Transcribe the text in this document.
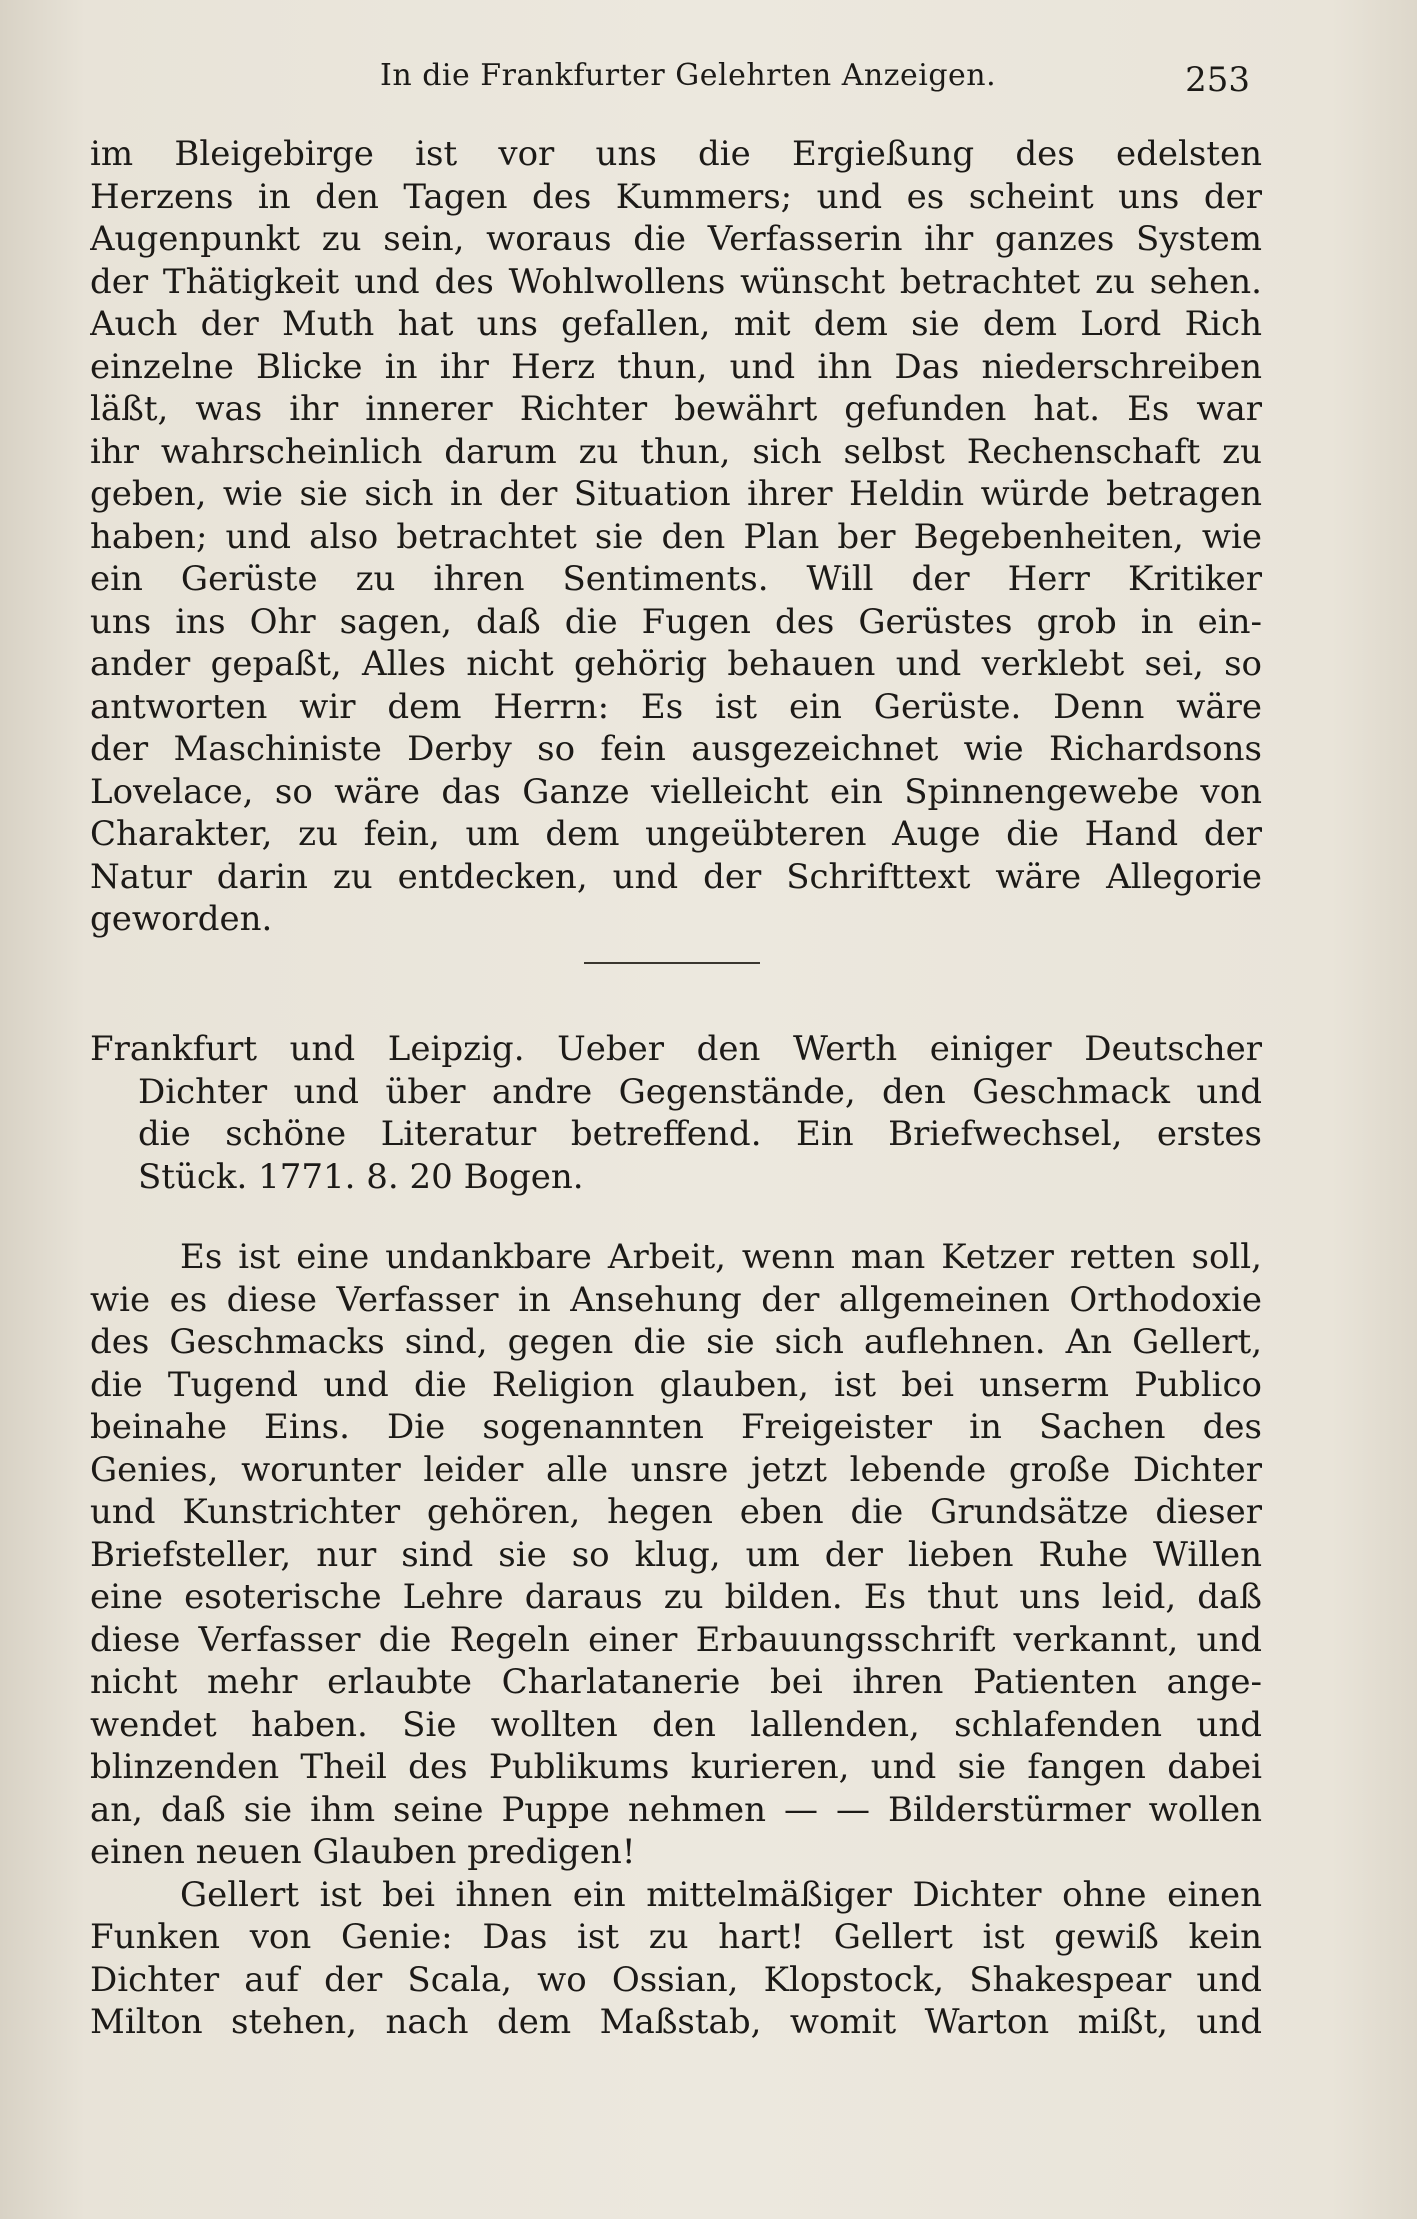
In die Frankfurter Gelehrten Anzeigen.	253
im Bleigebirge ist vor uns die Ergießung des edelsten
Herzens in den Tagen des Kummers; und es scheint uns der
Augenpunkt zu sein, woraus die Verfasserin ihr ganzes System
der Thätigkeit und des Wohlwollens wünscht betrachtet zu sehen.
Auch der Muth hat uns gefallen, mit dem sie dem Lord Rich
einzelne Blicke in ihr Herz thun, und ihn Das niederschreiben
läßt, was ihr innerer Richter bewährt gefunden hat. Es war
ihr wahrscheinlich darum zu thun, sich selbst Rechenschaft zu
geben, wie sie sich in der Situation ihrer Heldin würde betragen
haben; und also betrachtet sie den Plan ber Begebenheiten, wie
ein Gerüste zu ihren Sentiments. Will der Herr Kritiker
uns ins Ohr sagen, daß die Fugen des Gerüstes grob in ein-
ander gepaßt, Alles nicht gehörig behauen und verklebt sei, so
antworten wir dem Herrn: Es ist ein Gerüste. Denn wäre
der Maschiniste Derby so fein ausgezeichnet wie Richardsons
Lovelace, so wäre das Ganze vielleicht ein Spinnengewebe von
Charakter, zu fein, um dem ungeübteren Auge die Hand der
Natur darin zu entdecken, und der Schrifttext wäre Allegorie
geworden.
Frankfurt und Leipzig. Ueber den Werth einiger Deutscher
Dichter und über andre Gegenstände, den Geschmack und
die schöne Literatur betreffend. Ein Briefwechsel, erstes
Stück. 1771. 8. 20 Bogen.
Es ist eine undankbare Arbeit, wenn man Ketzer retten soll,
wie es diese Verfasser in Ansehung der allgemeinen Orthodoxie
des Geschmacks sind, gegen die sie sich auflehnen. An Gellert,
die Tugend und die Religion glauben, ist bei unserm Publico
beinahe Eins. Die sogenannten Freigeister in Sachen des
Genies, worunter leider alle unsre jetzt lebende große Dichter
und Kunstrichter gehören, hegen eben die Grundsätze dieser
Briefsteller, nur sind sie so klug, um der lieben Ruhe Willen
eine esoterische Lehre daraus zu bilden. Es thut uns leid, daß
diese Verfasser die Regeln einer Erbauungsschrift verkannt, und
nicht mehr erlaubte Charlatanerie bei ihren Patienten ange-
wendet haben. Sie wollten den lallenden, schlafenden und
blinzenden Theil des Publikums kurieren, und sie fangen dabei
an, daß sie ihm seine Puppe nehmen — — Bilderstürmer wollen
einen neuen Glauben predigen!
Gellert ist bei ihnen ein mittelmäßiger Dichter ohne einen
Funken von Genie: Das ist zu hart! Gellert ist gewiß kein
Dichter auf der Scala, wo Ossian, Klopstock, Shakespear und
Milton stehen, nach dem Maßstab, womit Warton mißt, und
